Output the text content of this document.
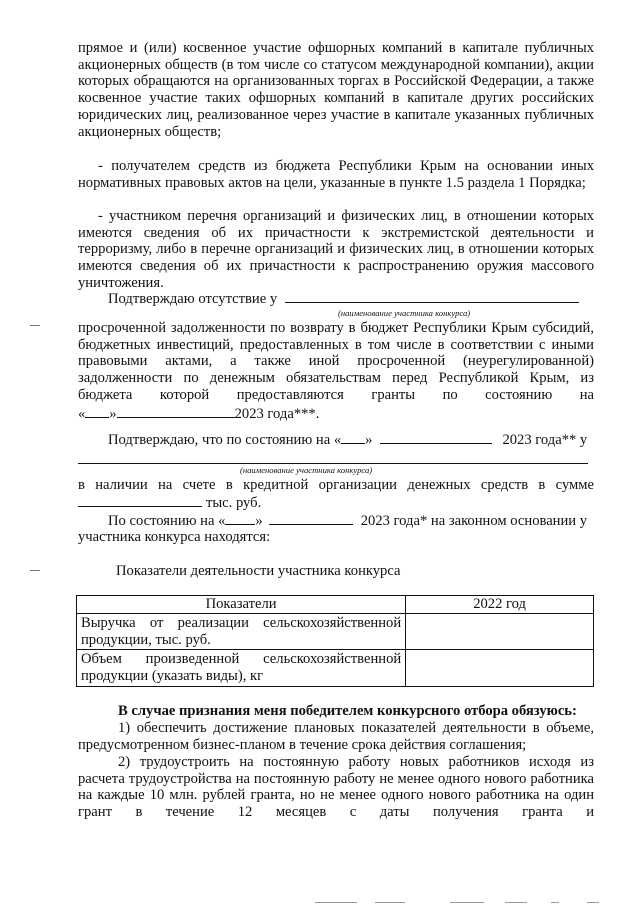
прямое и (или) косвенное участие офшорных компаний в капитале публичных акционерных обществ (в том числе со статусом международной компании), акции которых обращаются на организованных торгах в Российской Федерации, а также косвенное участие таких офшорных компаний в капитале других российских юридических лиц, реализованное через участие в капитале указанных публичных акционерных обществ;

- получателем средств из бюджета Республики Крым на основании иных нормативных правовых актов на цели, указанные в пункте 1.5 раздела 1 Порядка;

- участником перечня организаций и физических лиц, в отношении которых имеются сведения об их причастности к экстремистской деятельности и терроризму, либо в перечне организаций и физических лиц, в отношении которых имеются сведения об их причастности к распространению оружия массового уничтожения.

Подтверждаю отсутствие у
(наименование участника конкурса)

просроченной задолженности по возврату в бюджет Республики Крым субсидий, бюджетных инвестиций, предоставленных в том числе в соответствии с иными правовыми актами, а также иной просроченной (неурегулированной) задолженности по денежным обязательствам перед Республикой Крым, из бюджета которой предоставляются гранты по состоянию на

« »	2023 года***.
Подтверждаю, что по состоянию на « »	2023 года** у
(наименование участника конкурса)

в наличии на счете в кредитной организации денежных средств в сумме

тыс. руб.
По состоянию на « »	2023 года* на законном основании у
участника конкурса находятся:
Показатели деятельности участника конкурса
Показатели	2022 год
Выручка от реализации сельскохозяйственной продукции, тыс. руб.	
Объем произведенной сельскохозяйственной продукции (указать виды), кг	

В случае признания меня победителем конкурсного отбора обязуюсь:

1) обеспечить достижение плановых показателей деятельности в объеме, предусмотренном бизнес-планом в течение срока действия соглашения;

2) трудоустроить на постоянную работу новых работников исходя из расчета трудоустройства на постоянную работу не менее одного нового работника на каждые 10 млн. рублей гранта, но не менее одного нового работника на один грант в течение 12 месяцев с даты получения гранта и
